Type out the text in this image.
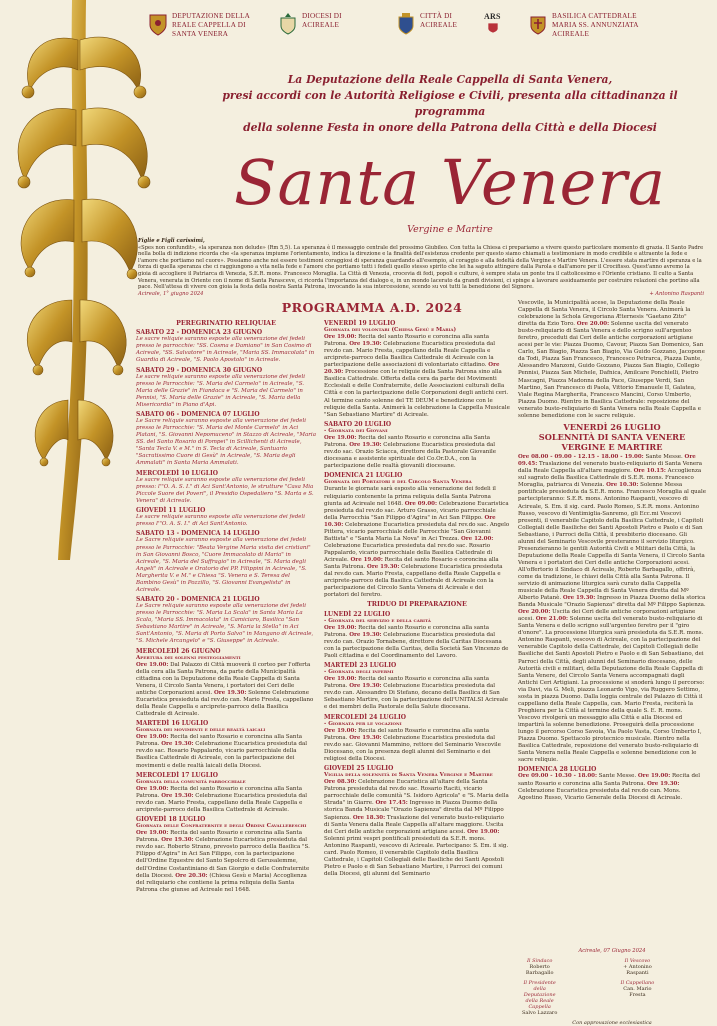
DEPUTAZIONE DELLA
REALE CAPPELLA DI
SANTA VENERA
DIOCESI DI
ACIREALE
CITTÀ DI
ACIREALE
ARS	BASILICA CATTEDRALE
MARIA SS. ANNUNZIATA
ACIREALE
La Deputazione della Reale Cappella di Santa Venera,
presi accordi con le Autorità Religiose e Civili, presenta alla cittadinanza il programma
della solenne Festa in onore della Patrona della Città e della Diocesi
Santa Venera
Vergine e Martire
Figlie e Figli carissimi,
«Spes non confundit», «la speranza non delude» (Rm 5,5). La speranza è il messaggio centrale del prossimo Giubileo. Con tutta la Chiesa ci prepariamo a vivere questo particolare momento di grazia. Il Santo Padre nella bolla di indizione ricorda che «la speranza impiume l'orientamento, indica la direzione e la finalità dell'esistenza credente per questo siamo chiamati a testimoniare in modo credibile e attraente la fede e l'amore che portiamo nel cuore». Possiamo anche noi essere testimoni coraggiosi di speranza guardando all'esempio, al coraggio e alla fedeltà della Vergine e Martire Venera. L'essere stata martire di speranza e la forza di quella speranza che ci raggiungono a vita nella fede e l'amore che portiamo tutti i fedeli quello stesso spirito che lei ha saputo attingere dalla Parola e dall'amore per il Crocifisso. Quest'anno avremo la gioia di accogliere il Patriarca di Venezia, S.E.R. mons. Francesco Moraglia. La Città di Venezia, crocevia di fedi, popoli e culture, è sempre stata un ponte tra il cattolicesimo e l'Oriente cristiano. Il culto a Santa Venera, venerata in Oriente con il nome di Santa Parasceve, ci ricorda l'importanza del dialogo e, in un mondo lacerato da grandi divisioni, ci spinge a lavorare assiduamente per costruire relazioni che portino alla pace. Nell'attesa di vivere con gioia la festa della nostra Santa Patrona, invocando la sua intercessione, scendo su voi tutti la benedizione del Signore.
Acireale, 1° giugno 2024	+ Antonino Raspanti
PROGRAMMA A.D. 2024
PEREGRINATIO RELIQUIAE
SABATO 22 - DOMENICA 23 GIUGNO
Le sacre reliquie saranno esposte alla venerazione dei fedeli presso le parrocchie: "SS. Cosma e Damiano" in San Cosimo di Acireale, "SS. Salvatore" in Acireale, "Maria SS. Immacolata" in Guardia di Acireale, "S. Paolo Apostolo" in Acireale.
SABATO 29 - DOMENICA 30 GIUGNO
Le sacre reliquie saranno esposte alla venerazione dei fedeli presso le Parrocchie: "S. Maria del Carmelo" in Acireale, "S. Maria delle Grazie" in Fiandaca e "S. Maria del Carmelo" in Pennisi, "S. Maria delle Grazie" in Acireale, "S. Maria della Misericordia" in Piano d'Api.
SABATO 06 - DOMENICA 07 LUGLIO
Le Sacre reliquie saranno esposte alla venerazione dei fedeli presso le Parrocchie: "S. Maria del Monte Carmelo" in Aci Platani, "S. Giovanni Nepomuceno" in Stazzo di Acireale, "Maria SS. del Santo Rosario di Pompei" in Scillichenti di Acireale, "Santa Tecla V. e M." in S. Tecla di Acireale, Santuario "Sacratissimo Cuore di Gesù" in Acireale, "S. Maria degli Ammalati" in Santa Maria Ammalati.
MERCOLEDÌ 10 LUGLIO
Le sacre reliquie saranno esposte alla venerazione dei fedeli presso: l'"O. A. S. I." di Aci Sant'Antonio, le strutture "Casa Mia Piccole Suore dei Poveri", il Presidio Ospedaliero "S. Marta e S. Venera" di Acireale.
GIOVEDÌ 11 LUGLIO
Le sacre reliquie saranno esposte alla venerazione dei fedeli presso l'"O. A. S. I." di Aci Sant'Antonio.
SABATO 13 - DOMENICA 14 LUGLIO
Le Sacre reliquie saranno esposte alla venerazione dei fedeli presso le Parrocchie: "Beata Vergine Maria visita dei cristiani" in San Giovanni Bosco, "Cuore Immacolato di Maria" in Acireale, "S. Maria del Suffragio" in Acireale, "S. Maria degli Angeli" in Acireale e Oratorio dei PP. Filippini in Acireale, "S. Margherita V. e M." e Chiesa "S. Venera e S. Teresa del Bambino Gesù" in Pozzillo, "S. Giovanni Evangelista" in Acireale.
SABATO 20 - DOMENICA 21 LUGLIO
Le Sacre reliquie saranno esposte alla venerazione dei fedeli presso le Parrocchie: "S. Maria La Scala" in Santa Maria La Scala, "Maria SS. Immacolata" in Camiciaro, Basilica "San Sebastiano Martire" in Acireale, "S. Maria la Stella" in Aci Sant'Antonio, "S. Maria di Porto Salvo" in Mangano di Acireale, "S. Michele Arcangelo" e "S. Giuseppe" in Acireale.
MERCOLEDÌ 26 GIUGNO
Apertura dei solenni festeggiamenti
Ore 19.00: Dal Palazzo di Città muoverà il corteo per l'offerta della cera alla Santa Patrona, da parte della Municipalità cittadina con la Deputazione della Reale Cappella di Santa Venera, il Circolo Santa Venera, i portatori dei Ceri delle antiche Corporazioni acesi. Ore 19.30: Solenne Celebrazione Eucaristica presieduta dal rev.do can. Mario Fresta, cappellano della Reale Cappella e arciprete-parroco della Basilica Cattedrale di Acireale.
MARTEDÌ 16 LUGLIO
Giornata dei movimenti e delle realtà laicali
Ore 19.00: Recita del santo Rosario e coroncina alla Santa Patrona. Ore 19.30: Celebrazione Eucaristica presieduta dal rev.do sac. Rosario Pappalardo, vicario parrocchiale della Basilica Cattedrale di Acireale, con la partecipazione dei movimenti e delle realtà laicali della Diocesi.
MERCOLEDÌ 17 LUGLIO
Giornata della comunità parrocchiale
Ore 19.00: Recita del santo Rosario e coroncina alla Santa Patrona. Ore 19.30: Celebrazione Eucaristica presieduta dal rev.do can. Mario Fresta, cappellano della Reale Cappella e arciprete-parroco della Basilica Cattedrale di Acireale.
GIOVEDÌ 18 LUGLIO
Giornata delle Confraternite e degli Ordini Cavallereschi
Ore 19.00: Recita del santo Rosario e coroncina alla Santa Patrona. Ore 19.30: Celebrazione Eucaristica presieduta dal rev.do sac. Roberto Strano, prevosto parroco della Basilica "S. Filippo d'Agira" in Aci San Filippo, con la partecipazione dell'Ordine Equestre del Santo Sepolcro di Gerusalemme, dell'Ordine Costantiniano di San Giorgio e delle Confraternite della Diocesi. Ore 20.30: (Chiesa Gesù e Maria) Accoglienza del reliquiario che contiene la prima reliquia della Santa Patrona che giunse ad Acireale nel 1648.
VENERDÌ 19 LUGLIO
Giornata dei volontari (Chiesa Gesù e Maria)
Ore 19.00: Recita del santo Rosario e coroncina alla santa Patrona. Ore 19.30: Celebrazione Eucaristica presieduta dal rev.do can. Mario Fresta, cappellano della Reale Cappella e arciprete-parroco della Basilica Cattedrale di Acireale con la partecipazione delle associazioni di volontariato cittadino. Ore 20.30: Processione con le reliquie della Santa Patrona sino alla Basilica Cattedrale. Offerta della cera da parte dei Movimenti Ecclesiali e delle Confraternite, delle Associazioni culturali della Città e con la partecipazione delle Corporazioni degli antichi ceri. Al termine canto solenne del TE DEUM e benedizione con le reliquie della Santa. Animerà la celebrazione la Cappella Musicale "San Sebastiano Martire" di Acireale.
SABATO 20 LUGLIO
- Giornata dei Giovani
Ore 19.00: Recita del santo Rosario e coroncina alla Santa Patrona. Ore 19.30: Celebrazione Eucaristica presieduta dal rev.do sac. Orazio Sciacca, direttore della Pastorale Giovanile diocesana e assistente spirituale del Co.Or.D.A., con la partecipazione delle realtà giovanili diocesane.
DOMENICA 21 LUGLIO
Giornata dei Portatori e del Circolo Santa Venera
Durante le giornate sarà esposto alla venerazione dei fedeli il reliquiario contenente la prima reliquia della Santa Patrona giunta ad Acireale nel 1648. Ore 09.00: Celebrazione Eucaristica presieduta dal rev.do sac. Arturo Grasso, vicario parrocchiale della Parrocchia "San Filippo d'Agira" in Aci San Filippo. Ore 10.30: Celebrazione Eucaristica presieduta dal rev.do sac. Angelo Pittera, vicario parrocchiale delle Parrocchie "San Giovanni Battista" e "Santa Maria La Nova" in Aci Trezza. Ore 12.00: Celebrazione Eucaristica presieduta dal rev.do sac. Rosario Pappalardo, vicario parrocchiale della Basilica Cattedrale di Acireale. Ore 19.00: Recita del santo Rosario e coroncina alla Santa Patrona. Ore 19.30: Celebrazione Eucaristica presieduta dal rev.do can. Mario Fresta, cappellano della Reale Cappella e arciprete-parroco della Basilica Cattedrale di Acireale con la partecipazione del Circolo Santa Venera di Acireale e dei portatori del feretro.
TRIDUO DI PREPARAZIONE
LUNEDÌ 22 LUGLIO
- Giornata del servizio e della carità
Ore 19.00: Recita del santo Rosario e coroncina alla santa Patrona. Ore 19.30: Celebrazione Eucaristica presieduta dal rev.do can. Orazio Tornabene, direttore della Caritas Diocesana con la partecipazione della Caritas, della Società San Vincenzo de Paoli cittadina e del Coordinamento del Lavoro.
MARTEDÌ 23 LUGLIO
- Giornata degli infermi
Ore 19.00: Recita del santo Rosario e coroncina alla santa Patrona. Ore 19.30: Celebrazione Eucaristica presieduta dal rev.do can. Alessandro Di Stefano, decano della Basilica di San Sebastiano Martire, con la partecipazione dell'UNITALSI Acireale e dei membri della Pastorale della Salute diocesana.
MERCOLEDÌ 24 LUGLIO
- Giornata per le vocazioni
Ore 19.00: Recita del santo Rosario e coroncina alla santa Patrona. Ore 19.30: Celebrazione Eucaristica presieduta dal rev.do sac. Giovanni Mammino, rettore del Seminario Vescovile Diocesano, con la presenza degli alunni del Seminario e dei religiosi della Diocesi.
GIOVEDÌ 25 LUGLIO
Vigilia della solennità di Santa Venera Vergine e Martire
Ore 08.30: Celebrazione Eucaristica all'altare della Santa Patrona presieduta dal rev.do sac. Rosario Raciti, vicario parrocchiale delle comunità "S. Isidoro Agricola" e "S. Maria della Strada" in Giarre. Ore 17.45: Ingresso in Piazza Duomo della storica Banda Musicale "Orazio Sapienza" diretta dal Mº Filippo Sapienza. Ore 18.30: Traslazione del venerato busto-reliquiario di Santa Venera dalla Reale Cappella all'altare maggiore. Uscita dei Ceri delle antiche corporazioni artigiane acesi. Ore 19.00: Solenni primi vespri pontificali presieduti da S.E.R. mons. Antonino Raspanti, vescovo di Acireale. Partecipano: S. Em. il sig. card. Paolo Romeo, il venerabile Capitolo della Basilica Cattedrale, i Capitoli Collegiali delle Basiliche dei Santi Apostoli Pietro e Paolo e di San Sebastiano Martire, i Parroci dei comuni della Diocesi, gli alunni del Seminario
Vescovile, la Municipalità acese, la Deputazione della Reale Cappella di Santa Venera, il Circolo Santa Venera. Animerà la celebrazione la Schola Gregoriana Æternesis "Gaetano Zito" diretta da Ezio Toro. Ore 20.00: Solenne uscita del venerato busto-reliquiario di Santa Venera e dello scrigno sull'argenteo feretro, preceduti dai Ceri delle antiche corporazioni artigiane acesi per le vie: Piazza Duomo, Cavour, Piazza San Domenico, San Carlo, San Biagio, Piazza San Biagio, Via Guido Gozzano, Jacopone da Todi, Piazza San Francesco, Francesco Petrarca, Piazza Dante, Alessandro Manzoni, Guido Gozzano, Piazza San Biagio, Collegio Pennisi, Piazza San Michele, Dafnica, Amilcare Ponchielli, Pietro Mascagni, Piazza Madonna della Pace, Giuseppe Verdi, San Martino, San Francesco di Paola, Vittorio Emanuele II, Galatea, Viale Regina Margherita, Francesco Mancini, Corso Umberto, Piazza Duomo. Rientro in Basilica Cattedrale: reposizione del venerato busto-reliquiario di Santa Venera nella Reale Cappella e solenne benedizione con le sacre reliquie.
VENERDÌ 26 LUGLIO
SOLENNITÀ DI SANTA VENERE
VERGINE E MARTIRE
Ore 08.00 - 09.00 - 12.15 - 18.00 - 19.00: Sante Messe. Ore 09.45: Traslazione del venerato busto-reliquiario di Santa Venera dalla Reale Cappella all'altare maggiore. Ore 10.15: Accoglienza sul sagrato della Basilica Cattedrale di S.E.R. mons. Francesco Moraglia, patriarca di Venezia. Ore 10.30: Solenne Messa pontificale presieduta da S.E.R. mons. Francesco Moraglia al quale partecipteranno: S.E.R. mons. Antonino Raspanti, vescovo di Acireale, S. Em. il sig. card. Paolo Romeo, S.E.R. mons. Antonino Russo, vescovo di Ventimiglia-Sanremo, gli Ecc.mi Vescovi presenti, il venerabile Capitolo della Basilica Cattedrale, i Capitoli Collegiali delle Basiliche dei Santi Apostoli Pietro e Paolo e di San Sebastiano, i Parroci della Città, il presbiterio diocesano. Gli alunni del Seminario Vescovile presteranno il servizio liturgico. Presenzieranno le gentili Autorità Civili e Militari della Città, la Deputazione della Reale Cappella di Santa Venera, il Circolo Santa Venera e i portatori dei Ceri delle antiche Corporazioni acesi. All'offertorio il Sindaco di Acireale, Roberto Barbagallo, offrirà, come da tradizione, le chiavi della Città alla Santa Patrona. Il servizio di animazione liturgica sarà curato dalla Cappella musicale della Reale Cappella di Santa Venera diretta dal Mº Alberto Patanè. Ore 19.30: Ingresso in Piazza Duomo della storica Banda Musicale "Orazio Sapienza" diretta dal Mº Filippo Sapienza. Ore 20.00: Uscita dei Ceri delle antiche corporazioni artigiane acesi. Ore 21.00: Solenne uscita del venerato busto-reliquiario di Santa Venera e dello scrigno sull'argenteo feretro per il "giro d'onore". La processione liturgica sarà presieduta da S.E.R. mons. Antonino Raspanti, vescovo di Acireale, con la partecipazione del venerabile Capitolo della Cattedrale, dei Capitoli Collegiali delle Basiliche dei Santi Apostoli Pietro e Paolo e di San Sebastiano, dei Parroci della Città, degli alunni del Seminario diocesano, delle Autorità civili e militari, della Deputazione della Reale Cappella di Santa Venere, del Circolo Santa Venera accompagnati dagli Antichi Ceri Artigiani. La processione si snoderà lungo il percorso: via Davi, via G. Meli, piazza Leonardo Vigo, via Ruggero Settimo, sosta in piazza Duomo. Dalla loggia centrale del Palazzo di Città il cappellano della Reale Cappella, can. Mario Fresta, reciterà la Preghiera per la Città al termine della quale S. E. R. mons. Vescovo rivolgerà un messaggio alla Città e alla Diocesi ed impartirà la solenne benedizione. Proseguirà della processione lungo il percorso Corso Savoia, Via Paolo Vasta, Corso Umberto I, Piazza Duomo. Spettacolo pirotecnico musicale. Rientro nella Basilica Cattedrale, reposizione del venerato busto-reliquiario di Santa Venera nella Reale Cappella e solenne benedizione con le sacre reliquie.
DOMENICA 28 LUGLIO
Ore 09.00 - 10.30 - 18.00: Sante Messe. Ore 19.00: Recita del santo Rosario e coroncina alla Santa Patrona. Ore 19.30: Celebrazione Eucaristica presieduta dal rev.do can. Mons. Agostino Russo, Vicario Generale della Diocesi di Acireale.
Acireale, 07 Giugno 2024
Il Sindaco
Roberto Barbagallo
Il Vescovo
+ Antonino Raspanti
Il Presidente della Deputazione della Reale Cappella
Salvo Lazzaro
Il Cappellano
Can. Mario Fresta
Con approvazione ecclesiastica
